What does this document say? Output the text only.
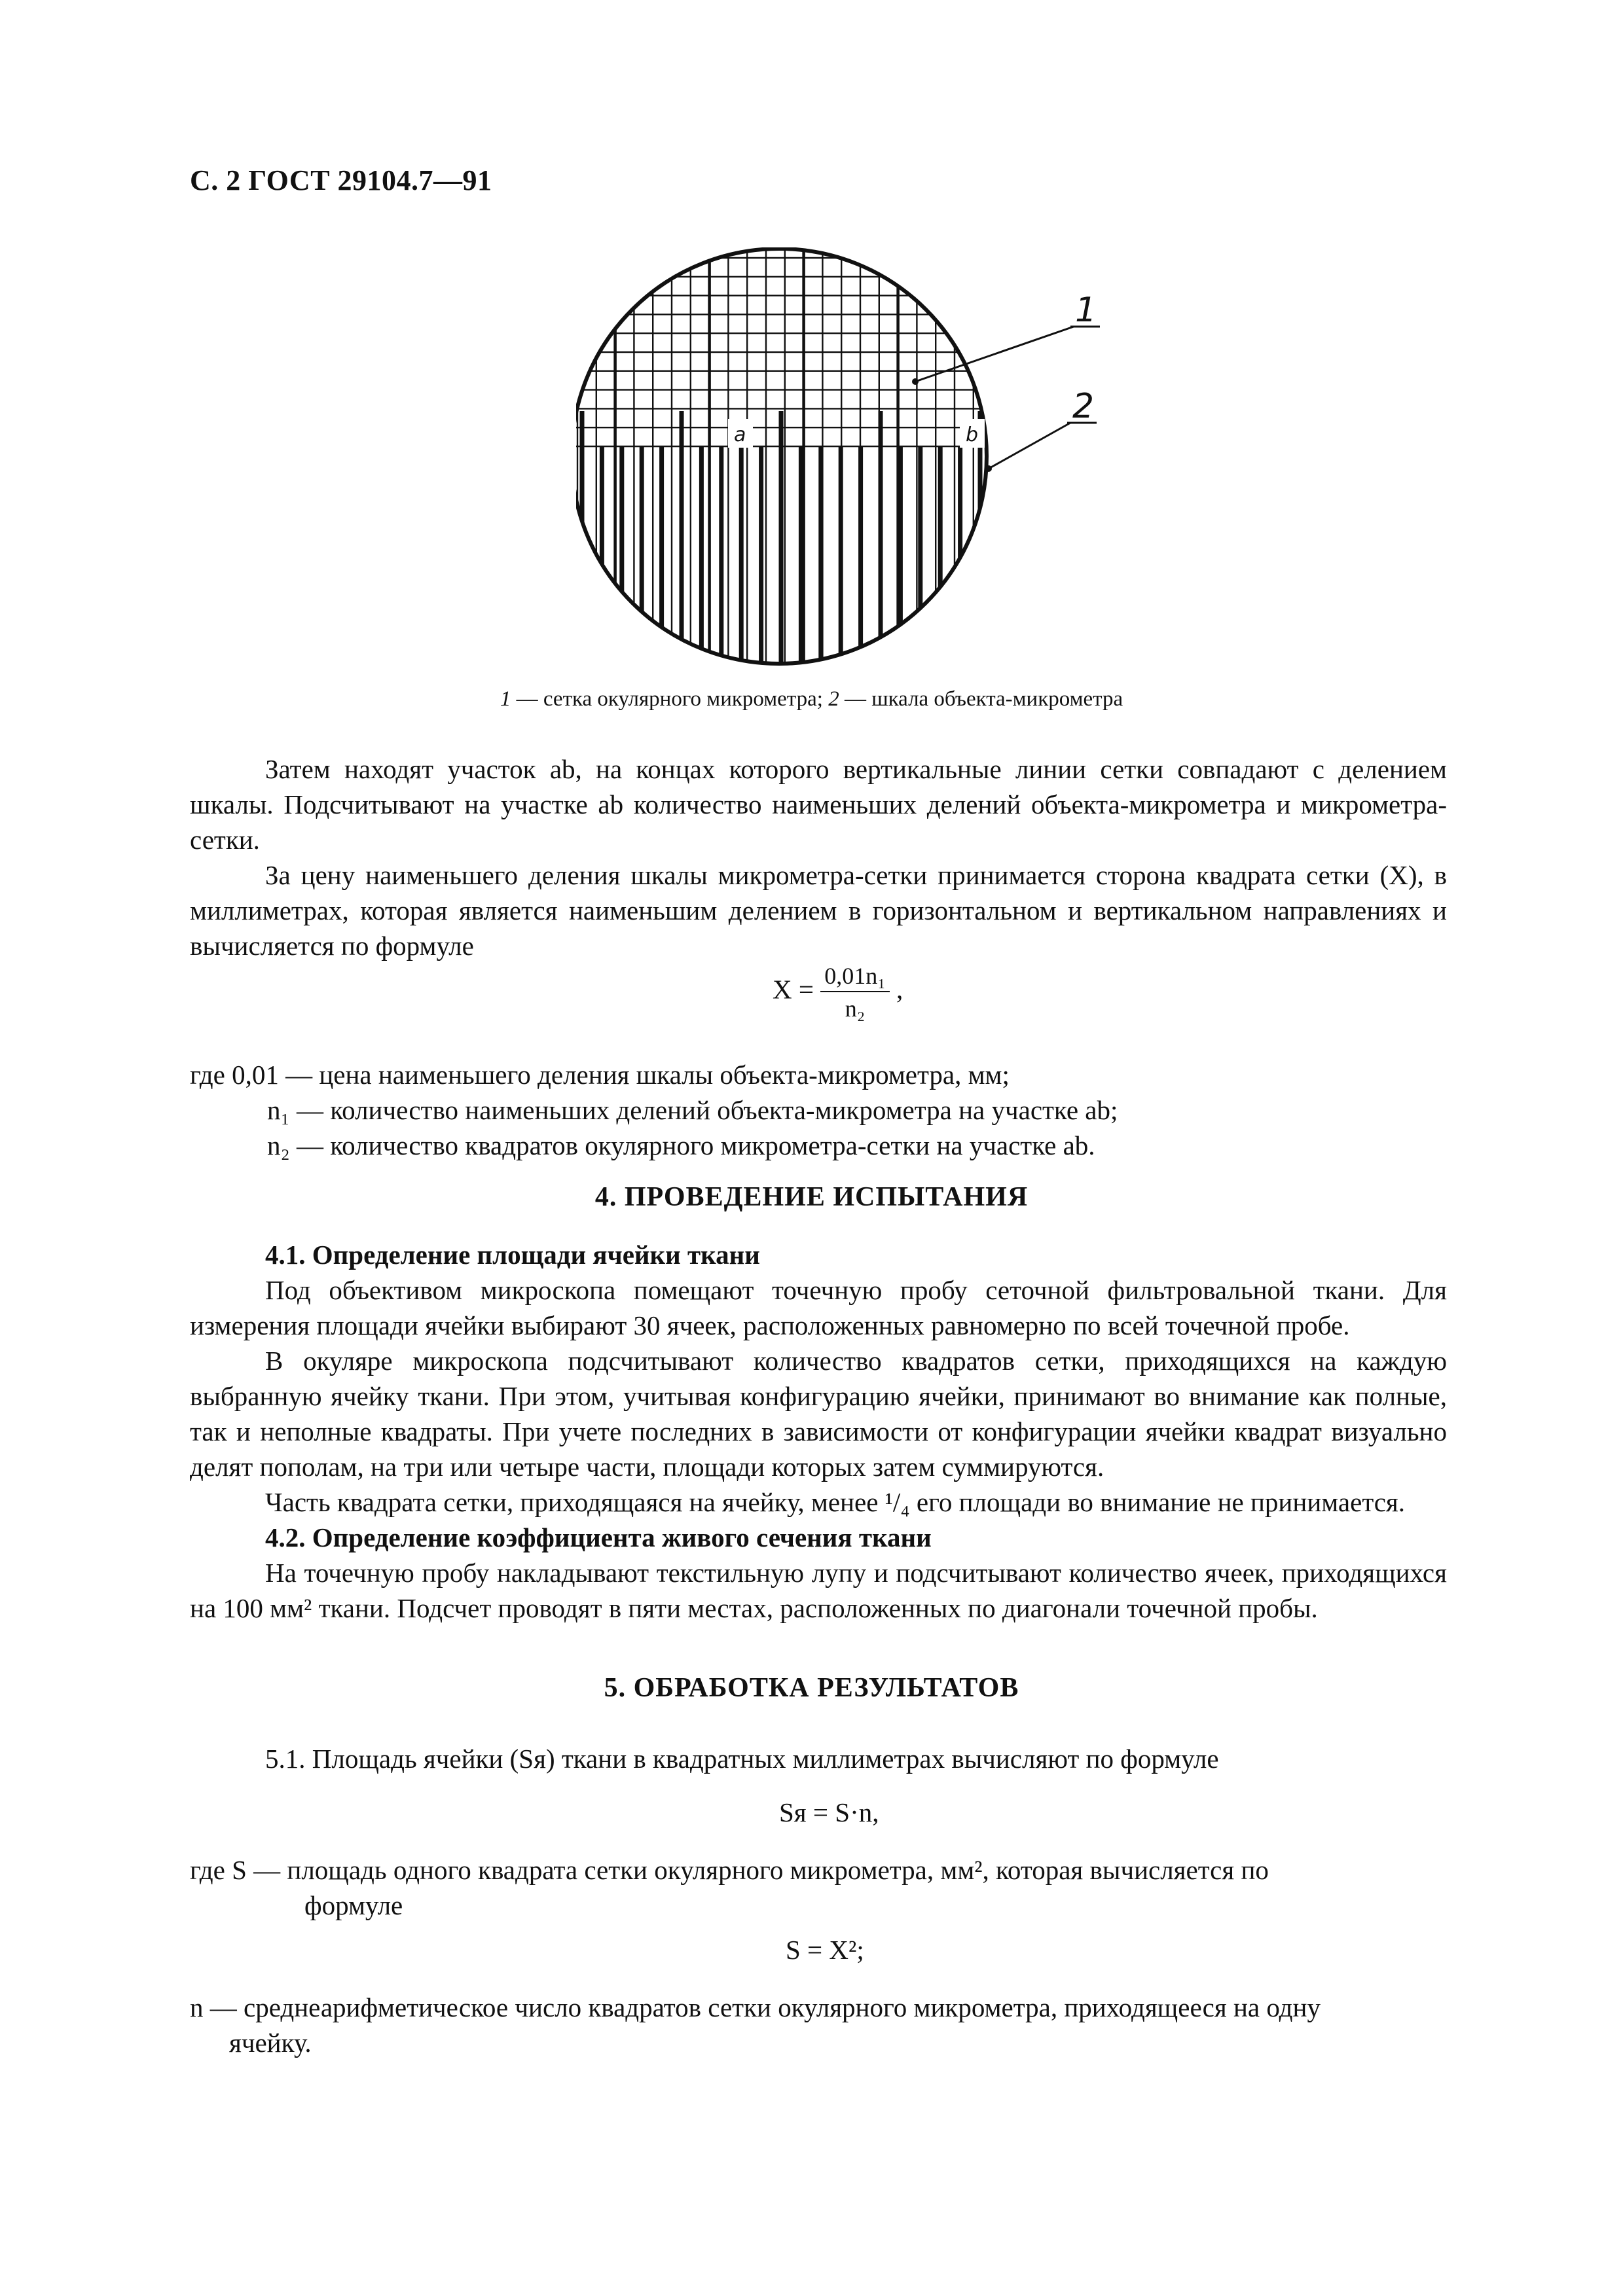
С. 2 ГОСТ 29104.7—91
a	b
1
2
1 — сетка окулярного микрометра; 2 — шкала объекта-микрометра

Затем находят участок ab, на концах которого вертикальные линии сетки совпадают с делением шкалы. Подсчитывают на участке ab количество наименьших делений объекта-микрометра и микрометра-сетки.

За цену наименьшего деления шкалы микрометра-сетки принимается сторона квадрата сетки (X), в миллиметрах, которая является наименьшим делением в горизонтальном и вертикальном направлениях и вычисляется по формуле

$X = \frac{\text{0,01n₁}}{\text{n₂}}$ ,
где 0,01 — цена наименьшего деления шкалы объекта-микрометра, мм;
n₁ — количество наименьших делений объекта-микрометра на участке ab;
n₂ — количество квадратов окулярного микрометра-сетки на участке ab.
4. ПРОВЕДЕНИЕ ИСПЫТАНИЯ

4.1. Определение площади ячейки ткани

Под объективом микроскопа помещают точечную пробу сеточной фильтровальной ткани. Для измерения площади ячейки выбирают 30 ячеек, расположенных равномерно по всей точечной пробе.

В окуляре микроскопа подсчитывают количество квадратов сетки, приходящихся на каждую выбранную ячейку ткани. При этом, учитывая конфигурацию ячейки, принимают во внимание как полные, так и неполные квадраты. При учете последних в зависимости от конфигурации ячейки квадрат визуально делят пополам, на три или четыре части, площади которых затем суммируются.

Часть квадрата сетки, приходящаяся на ячейку, менее ¹/₄ его площади во внимание не принимается.

4.2. Определение коэффициента живого сечения ткани

На точечную пробу накладывают текстильную лупу и подсчитывают количество ячеек, приходящихся на 100 мм² ткани. Подсчет проводят в пяти местах, расположенных по диагонали точечной пробы.

5. ОБРАБОТКА РЕЗУЛЬТАТОВ

5.1. Площадь ячейки (Sя) ткани в квадратных миллиметрах вычисляют по формуле

Sя = S·n,
где S — площадь одного квадрата сетки окулярного микрометра, мм², которая вычисляется по
формуле
S = X²;
n — среднеарифметическое число квадратов сетки окулярного микрометра, приходящееся на одну
ячейку.
